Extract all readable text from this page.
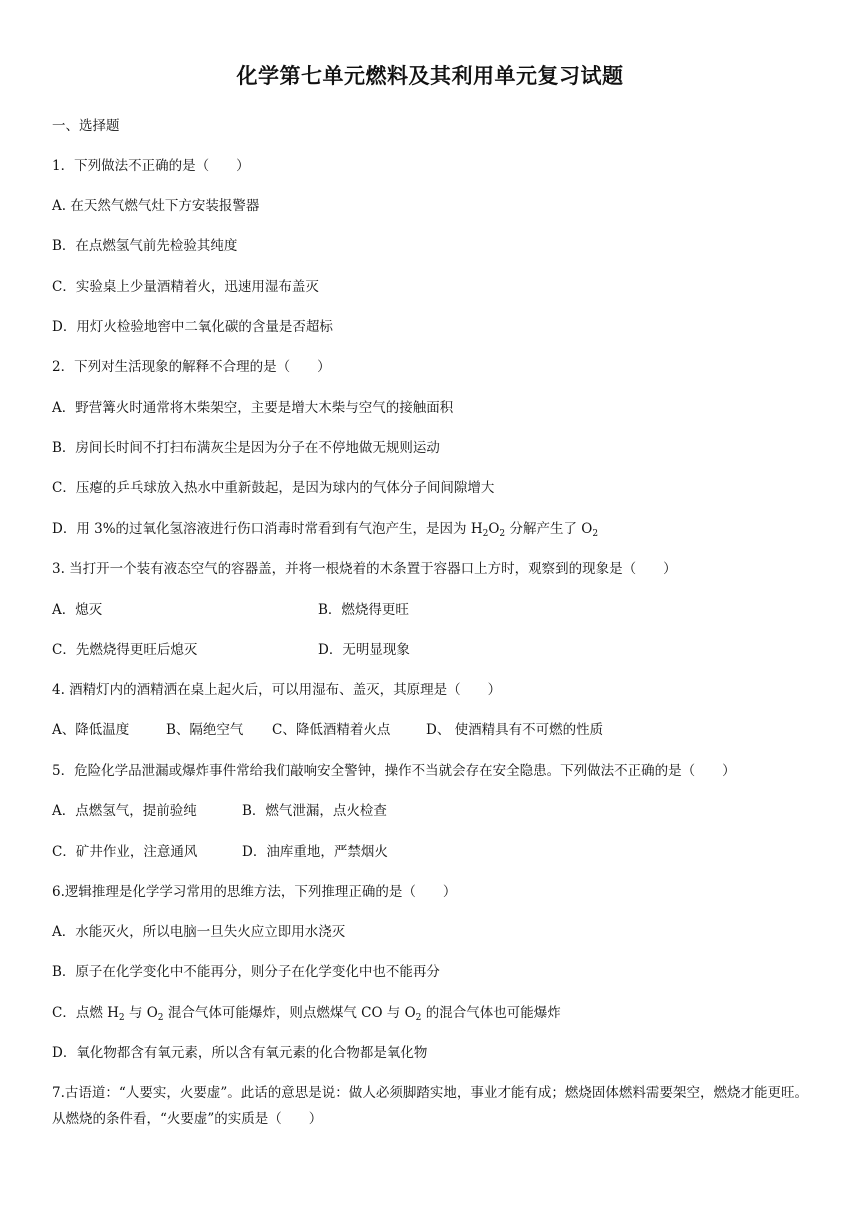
化学第七单元燃料及其利用单元复习试题
一、选择题
1．下列做法不正确的是（　　）
A. 在天然气燃气灶下方安装报警器
B．在点燃氢气前先检验其纯度
C．实验桌上少量酒精着火，迅速用湿布盖灭
D．用灯火检验地窖中二氧化碳的含量是否超标
2．下列对生活现象的解释不合理的是（　　）
A．野营篝火时通常将木柴架空，主要是增大木柴与空气的接触面积
B．房间长时间不打扫布满灰尘是因为分子在不停地做无规则运动
C．压瘪的乒乓球放入热水中重新鼓起，是因为球内的气体分子间间隙增大
D．用 3%的过氧化氢溶液进行伤口消毒时常看到有气泡产生，是因为 $H_2O_2$ 分解产生了 $O_2$
3. 当打开一个装有液态空气的容器盖，并将一根烧着的木条置于容器口上方时，观察到的现象是（　　）
A．熄灭	B．燃烧得更旺
C．先燃烧得更旺后熄灭	D．无明显现象
4. 酒精灯内的酒精洒在桌上起火后，可以用湿布、盖灭，其原理是（　　）
A、降低温度	B、隔绝空气 C、降低酒精着火点	D、 使酒精具有不可燃的性质
5．危险化学品泄漏或爆炸事件常给我们敲响安全警钟，操作不当就会存在安全隐患。下列做法不正确的是（　　）
A．点燃氢气，提前验纯	B．燃气泄漏，点火检查
C．矿井作业，注意通风	D．油库重地，严禁烟火
6.逻辑推理是化学学习常用的思维方法，下列推理正确的是（　　）
A．水能灭火，所以电脑一旦失火应立即用水浇灭
B．原子在化学变化中不能再分，则分子在化学变化中也不能再分
C．点燃 $H_2$ 与 $O_2$ 混合气体可能爆炸，则点燃煤气 CO 与 $O_2$ 的混合气体也可能爆炸
D．氧化物都含有氧元素，所以含有氧元素的化合物都是氧化物
7.古语道：“人要实，火要虚”。此话的意思是说：做人必须脚踏实地，事业才能有成；燃烧固体燃料需要架空，燃烧才能更旺。从燃烧的条件看，“火要虚”的实质是（　　）
